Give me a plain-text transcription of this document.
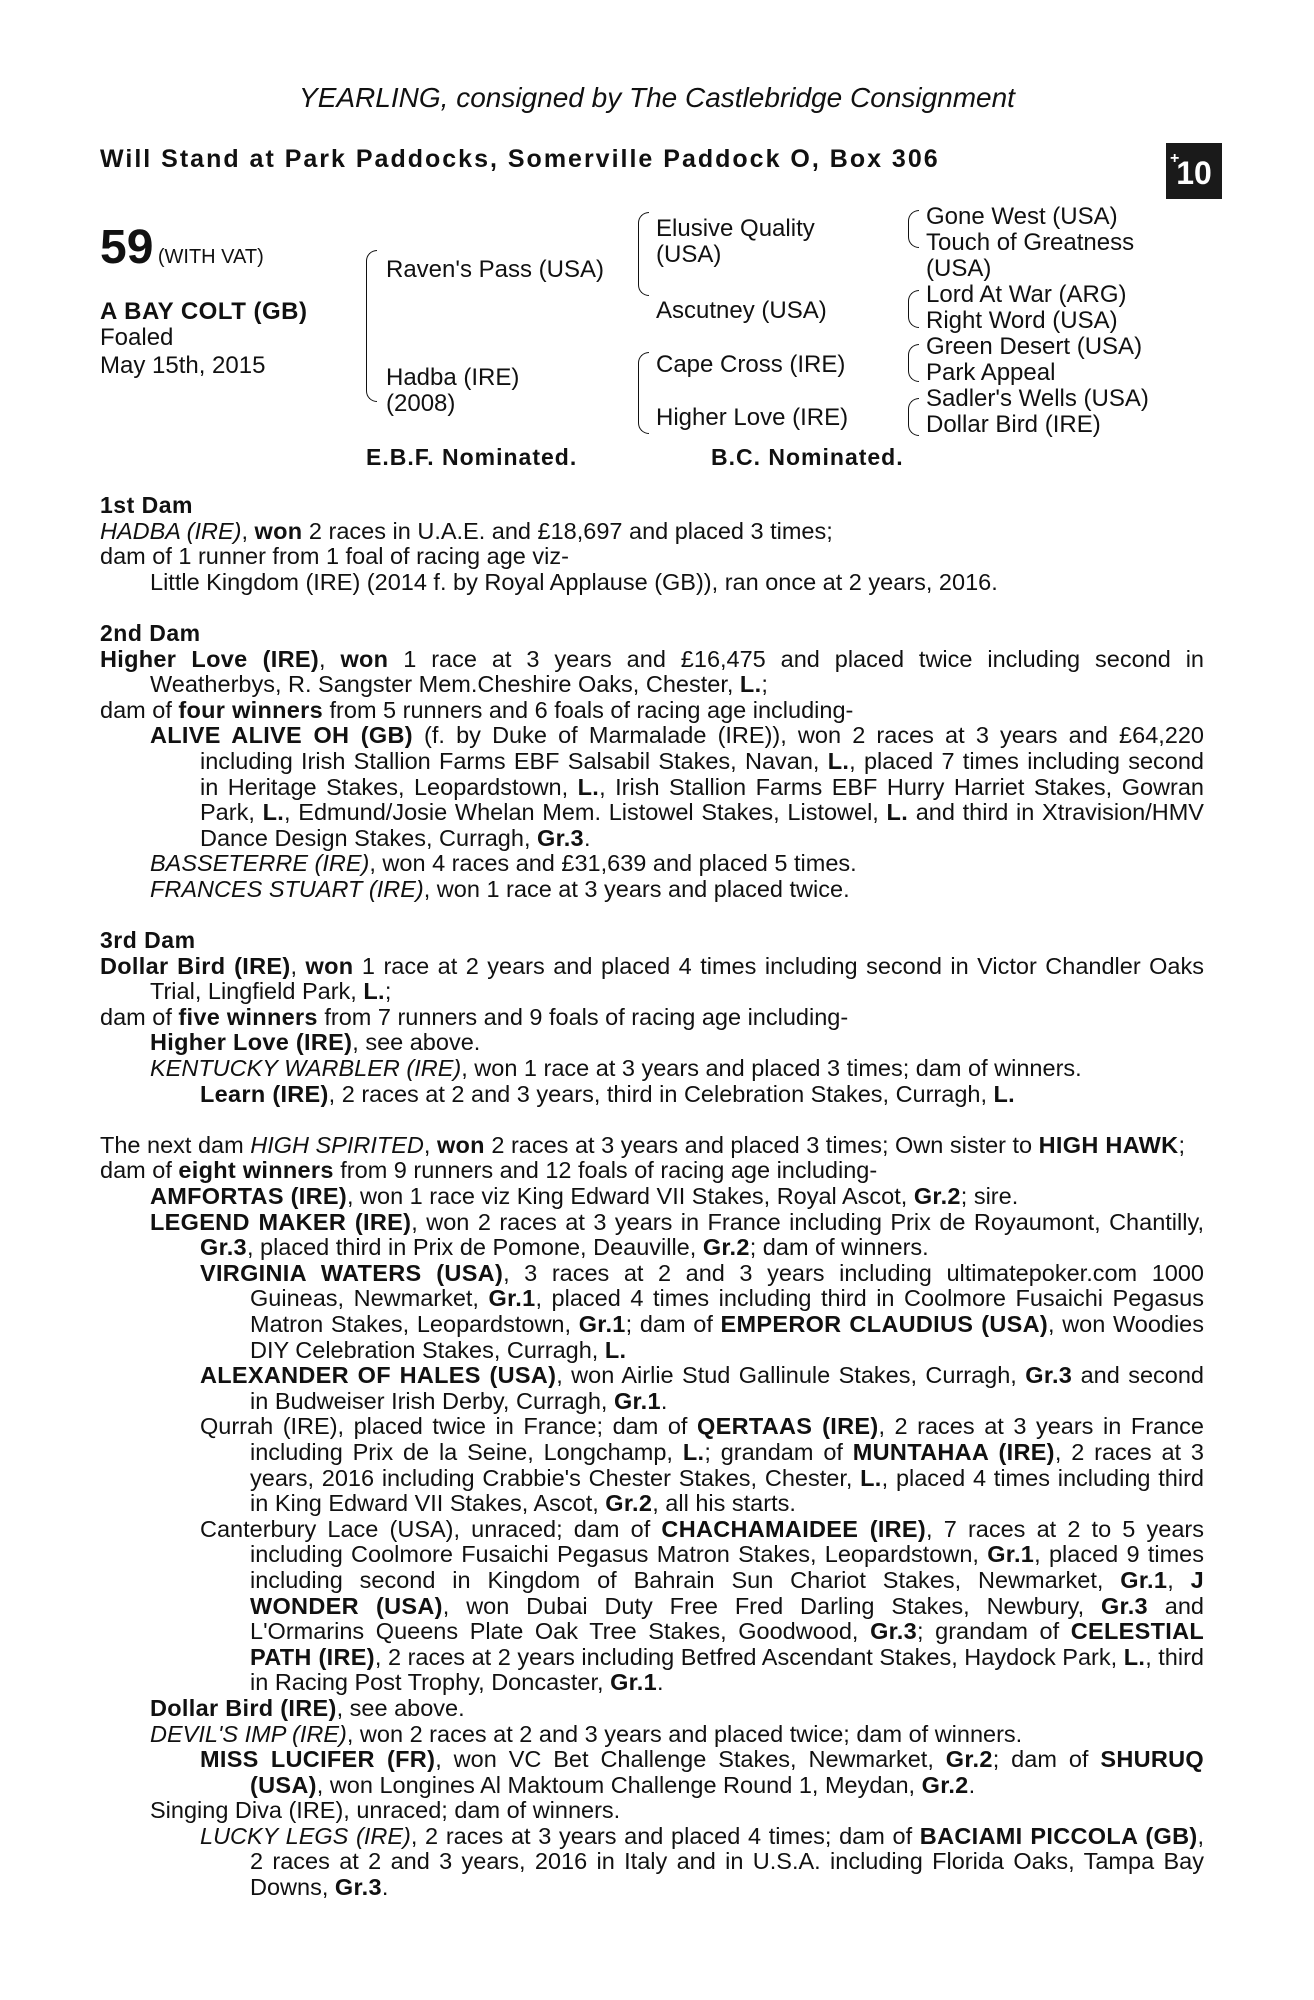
YEARLING, consigned by The Castlebridge Consignment
Will Stand at Park Paddocks, Somerville Paddock O, Box 306	+
10
59 (WITH VAT)
A BAY COLT (GB)
Foaled
May 15th, 2015
Raven's Pass (USA)
Hadba (IRE)
(2008)
Elusive Quality
(USA)
Ascutney (USA)
Cape Cross (IRE)
Higher Love (IRE)
Gone West (USA)
Touch of Greatness
(USA)
Lord At War (ARG)
Right Word (USA)
Green Desert (USA)
Park Appeal
Sadler's Wells (USA)
Dollar Bird (IRE)
E.B.F. Nominated.	B.C. Nominated.

1st Dam

HADBA (IRE), won 2 races in U.A.E. and £18,697 and placed 3 times;

dam of 1 runner from 1 foal of racing age viz-

Little Kingdom (IRE) (2014 f. by Royal Applause (GB)), ran once at 2 years, 2016.

2nd Dam

Higher Love (IRE), won 1 race at 3 years and £16,475 and placed twice including second in Weatherbys, R. Sangster Mem.Cheshire Oaks, Chester, L.;

dam of four winners from 5 runners and 6 foals of racing age including-

ALIVE ALIVE OH (GB) (f. by Duke of Marmalade (IRE)), won 2 races at 3 years and £64,220 including Irish Stallion Farms EBF Salsabil Stakes, Navan, L., placed 7 times including second in Heritage Stakes, Leopardstown, L., Irish Stallion Farms EBF Hurry Harriet Stakes, Gowran Park, L., Edmund/Josie Whelan Mem. Listowel Stakes, Listowel, L. and third in Xtravision/HMV Dance Design Stakes, Curragh, Gr.3.

BASSETERRE (IRE), won 4 races and £31,639 and placed 5 times.

FRANCES STUART (IRE), won 1 race at 3 years and placed twice.

3rd Dam

Dollar Bird (IRE), won 1 race at 2 years and placed 4 times including second in Victor Chandler Oaks Trial, Lingfield Park, L.;

dam of five winners from 7 runners and 9 foals of racing age including-

Higher Love (IRE), see above.

KENTUCKY WARBLER (IRE), won 1 race at 3 years and placed 3 times; dam of winners.

Learn (IRE), 2 races at 2 and 3 years, third in Celebration Stakes, Curragh, L.

The next dam HIGH SPIRITED, won 2 races at 3 years and placed 3 times; Own sister to HIGH HAWK;

dam of eight winners from 9 runners and 12 foals of racing age including-

AMFORTAS (IRE), won 1 race viz King Edward VII Stakes, Royal Ascot, Gr.2; sire.

LEGEND MAKER (IRE), won 2 races at 3 years in France including Prix de Royaumont, Chantilly, Gr.3, placed third in Prix de Pomone, Deauville, Gr.2; dam of winners.

VIRGINIA WATERS (USA), 3 races at 2 and 3 years including ultimatepoker.com 1000 Guineas, Newmarket, Gr.1, placed 4 times including third in Coolmore Fusaichi Pegasus Matron Stakes, Leopardstown, Gr.1; dam of EMPEROR CLAUDIUS (USA), won Woodies DIY Celebration Stakes, Curragh, L.

ALEXANDER OF HALES (USA), won Airlie Stud Gallinule Stakes, Curragh, Gr.3 and second in Budweiser Irish Derby, Curragh, Gr.1.

Qurrah (IRE), placed twice in France; dam of QERTAAS (IRE), 2 races at 3 years in France including Prix de la Seine, Longchamp, L.; grandam of MUNTAHAA (IRE), 2 races at 3 years, 2016 including Crabbie's Chester Stakes, Chester, L., placed 4 times including third in King Edward VII Stakes, Ascot, Gr.2, all his starts.

Canterbury Lace (USA), unraced; dam of CHACHAMAIDEE (IRE), 7 races at 2 to 5 years including Coolmore Fusaichi Pegasus Matron Stakes, Leopardstown, Gr.1, placed 9 times including second in Kingdom of Bahrain Sun Chariot Stakes, Newmarket, Gr.1, J WONDER (USA), won Dubai Duty Free Fred Darling Stakes, Newbury, Gr.3 and L'Ormarins Queens Plate Oak Tree Stakes, Goodwood, Gr.3; grandam of CELESTIAL PATH (IRE), 2 races at 2 years including Betfred Ascendant Stakes, Haydock Park, L., third in Racing Post Trophy, Doncaster, Gr.1.

Dollar Bird (IRE), see above.

DEVIL'S IMP (IRE), won 2 races at 2 and 3 years and placed twice; dam of winners.

MISS LUCIFER (FR), won VC Bet Challenge Stakes, Newmarket, Gr.2; dam of SHURUQ (USA), won Longines Al Maktoum Challenge Round 1, Meydan, Gr.2.

Singing Diva (IRE), unraced; dam of winners.

LUCKY LEGS (IRE), 2 races at 3 years and placed 4 times; dam of BACIAMI PICCOLA (GB), 2 races at 2 and 3 years, 2016 in Italy and in U.S.A. including Florida Oaks, Tampa Bay Downs, Gr.3.
